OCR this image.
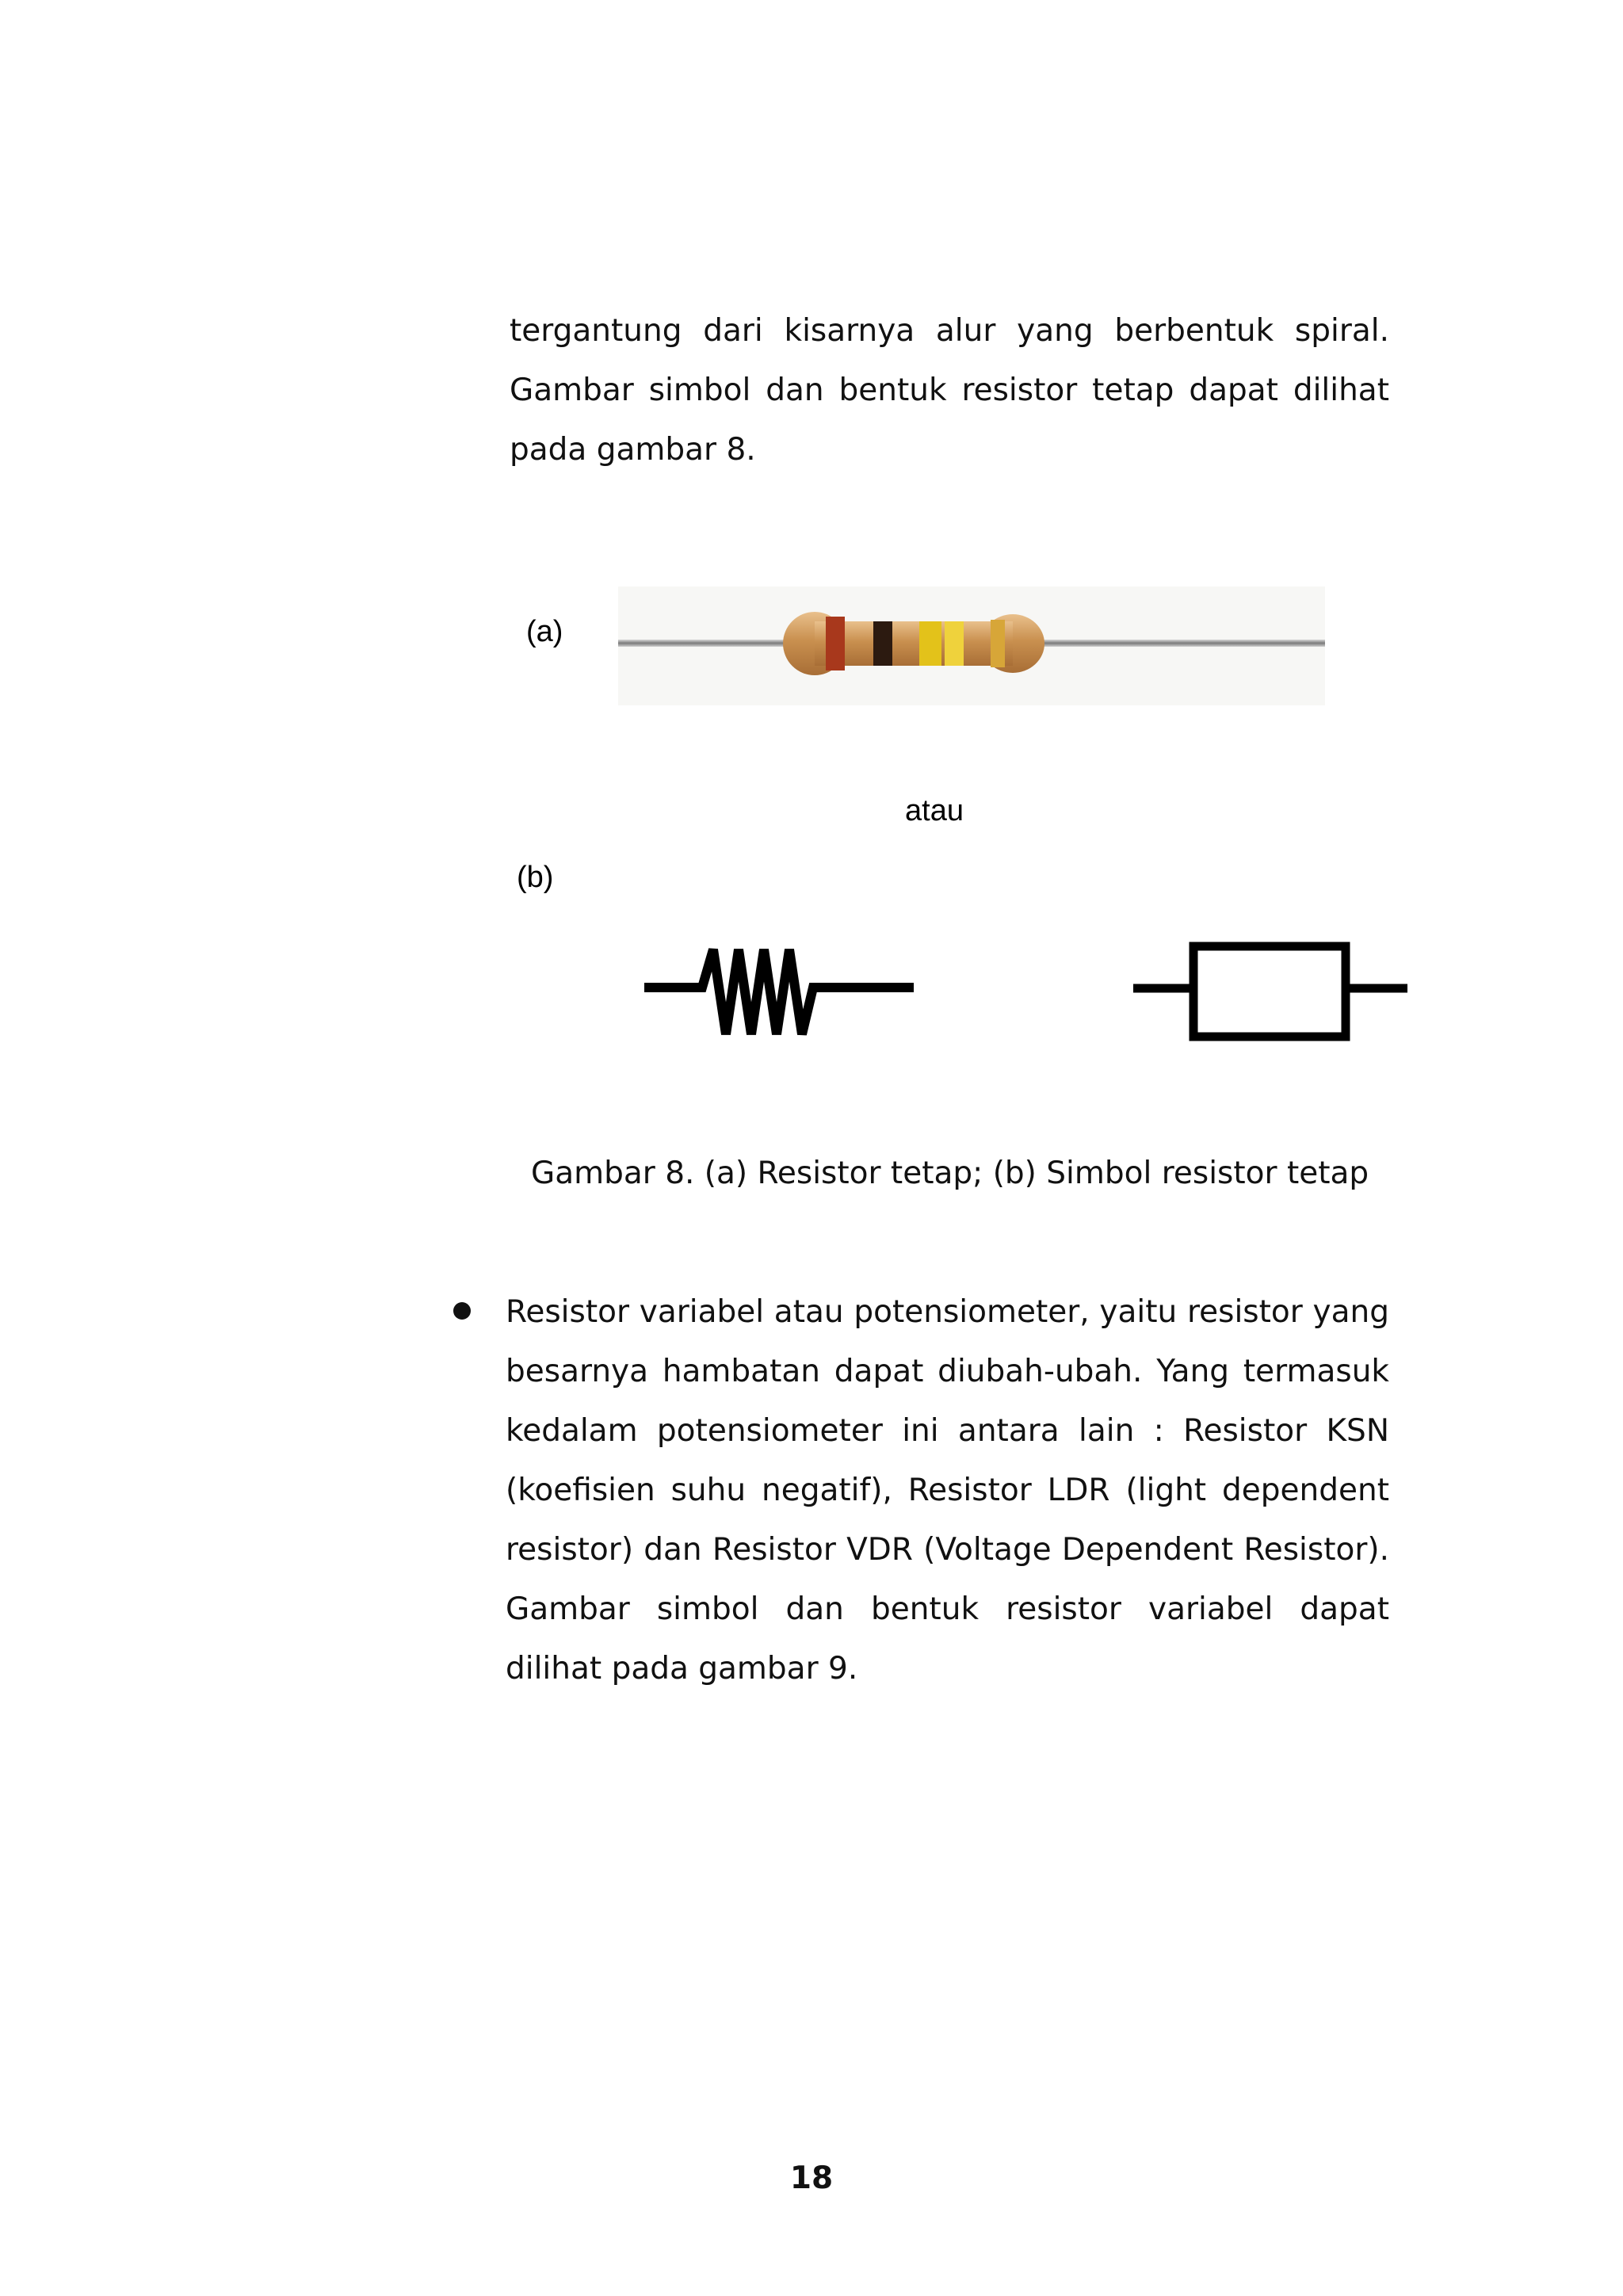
tergantung dari kisarnya alur yang berbentuk spiral. Gambar simbol dan bentuk resistor tetap dapat dilihat pada gambar 8.

(a)
atau
(b)
Gambar 8. (a) Resistor tetap; (b) Simbol resistor tetap

Resistor variabel atau potensiometer, yaitu resistor yang besarnya hambatan dapat diubah-ubah. Yang termasuk kedalam potensiometer ini antara lain : Resistor KSN (koefisien suhu negatif), Resistor LDR (light dependent resistor) dan Resistor VDR (Voltage Dependent Resistor). Gambar simbol dan bentuk resistor variabel dapat dilihat pada gambar 9.

18
